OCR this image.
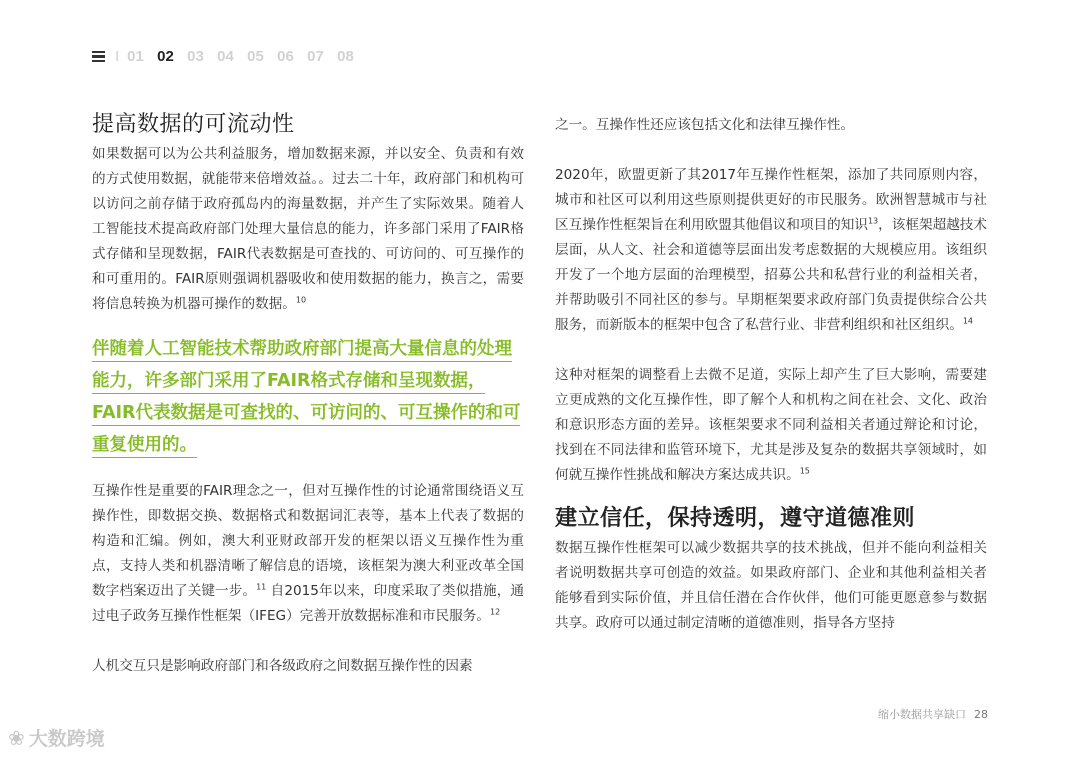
I 01 02 03 04 05 06 07 08
提高数据的可流动性

如果数据可以为公共利益服务，增加数据来源，并以安全、负责和有效的方式使用数据，就能带来倍增效益。。过去二十年，政府部门和机构可以访问之前存储于政府孤岛内的海量数据，并产生了实际效果。随着人工智能技术提高政府部门处理大量信息的能力，许多部门采用了FAIR格式存储和呈现数据，FAIR代表数据是可查找的、可访问的、可互操作的和可重用的。FAIR原则强调机器吸收和使用数据的能力，换言之，需要将信息转换为机器可操作的数据。$^{10}$

伴随着人工智能技术帮助政府部门提高大量信息的处理能力，许多部门采用了FAIR格式存储和呈现数据，FAIR代表数据是可查找的、可访问的、可互操作的和可重复使用的。

互操作性是重要的FAIR理念之一，但对互操作性的讨论通常围绕语义互操作性，即数据交换、数据格式和数据词汇表等，基本上代表了数据的构造和汇编。例如，澳大利亚财政部开发的框架以语义互操作性为重点，支持人类和机器清晰了解信息的语境，该框架为澳大利亚改革全国数字档案迈出了关键一步。$^{11}$ 自2015年以来，印度采取了类似措施，通过电子政务互操作性框架（IFEG）完善开放数据标准和市民服务。$^{12}$

人机交互只是影响政府部门和各级政府之间数据互操作性的因素

之一。互操作性还应该包括文化和法律互操作性。

2020年，欧盟更新了其2017年互操作性框架，添加了共同原则内容，城市和社区可以利用这些原则提供更好的市民服务。欧洲智慧城市与社区互操作性框架旨在利用欧盟其他倡议和项目的知识$^{13}$，该框架超越技术层面，从人文、社会和道德等层面出发考虑数据的大规模应用。该组织开发了一个地方层面的治理模型，招募公共和私营行业的利益相关者，并帮助吸引不同社区的参与。早期框架要求政府部门负责提供综合公共服务，而新版本的框架中包含了私营行业、非营利组织和社区组织。$^{14}$

这种对框架的调整看上去微不足道，实际上却产生了巨大影响，需要建立更成熟的文化互操作性，即了解个人和机构之间在社会、文化、政治和意识形态方面的差异。该框架要求不同利益相关者通过辩论和讨论，找到在不同法律和监管环境下，尤其是涉及复杂的数据共享领域时，如何就互操作性挑战和解决方案达成共识。$^{15}$

建立信任，保持透明，遵守道德准则

数据互操作性框架可以减少数据共享的技术挑战，但并不能向利益相关者说明数据共享可创造的效益。如果政府部门、企业和其他利益相关者能够看到实际价值，并且信任潜在合作伙伴，他们可能更愿意参与数据共享。政府可以通过制定清晰的道德准则，指导各方坚持

缩小数据共享缺口 28
❀ 大数跨境
